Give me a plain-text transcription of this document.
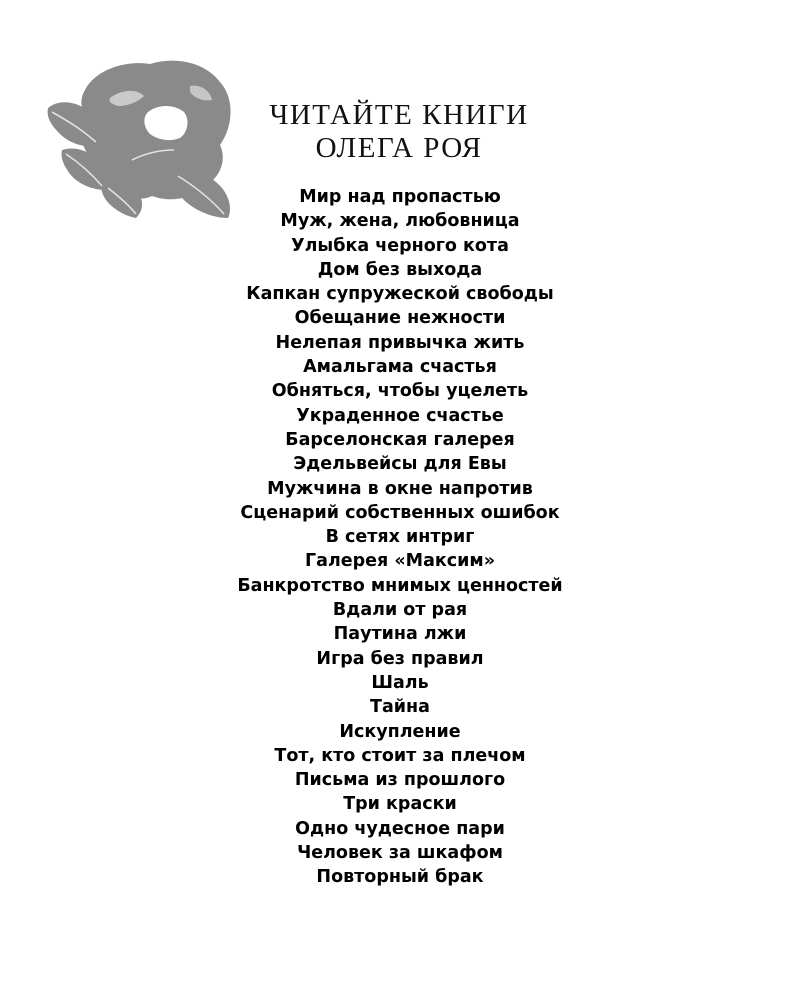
ЧИТАЙТЕ КНИГИ
ОЛЕГА РОЯ
Мир над пропастью
Муж, жена, любовница
Улыбка черного кота
Дом без выхода
Капкан супружеской свободы
Обещание нежности
Нелепая привычка жить
Амальгама счастья
Обняться, чтобы уцелеть
Украденное счастье
Барселонская галерея
Эдельвейсы для Евы
Мужчина в окне напротив
Сценарий собственных ошибок
В сетях интриг
Галерея «Максим»
Банкротство мнимых ценностей
Вдали от рая
Паутина лжи
Игра без правил
Шаль
Тайна
Искупление
Тот, кто стоит за плечом
Письма из прошлого
Три краски
Одно чудесное пари
Человек за шкафом
Повторный брак
